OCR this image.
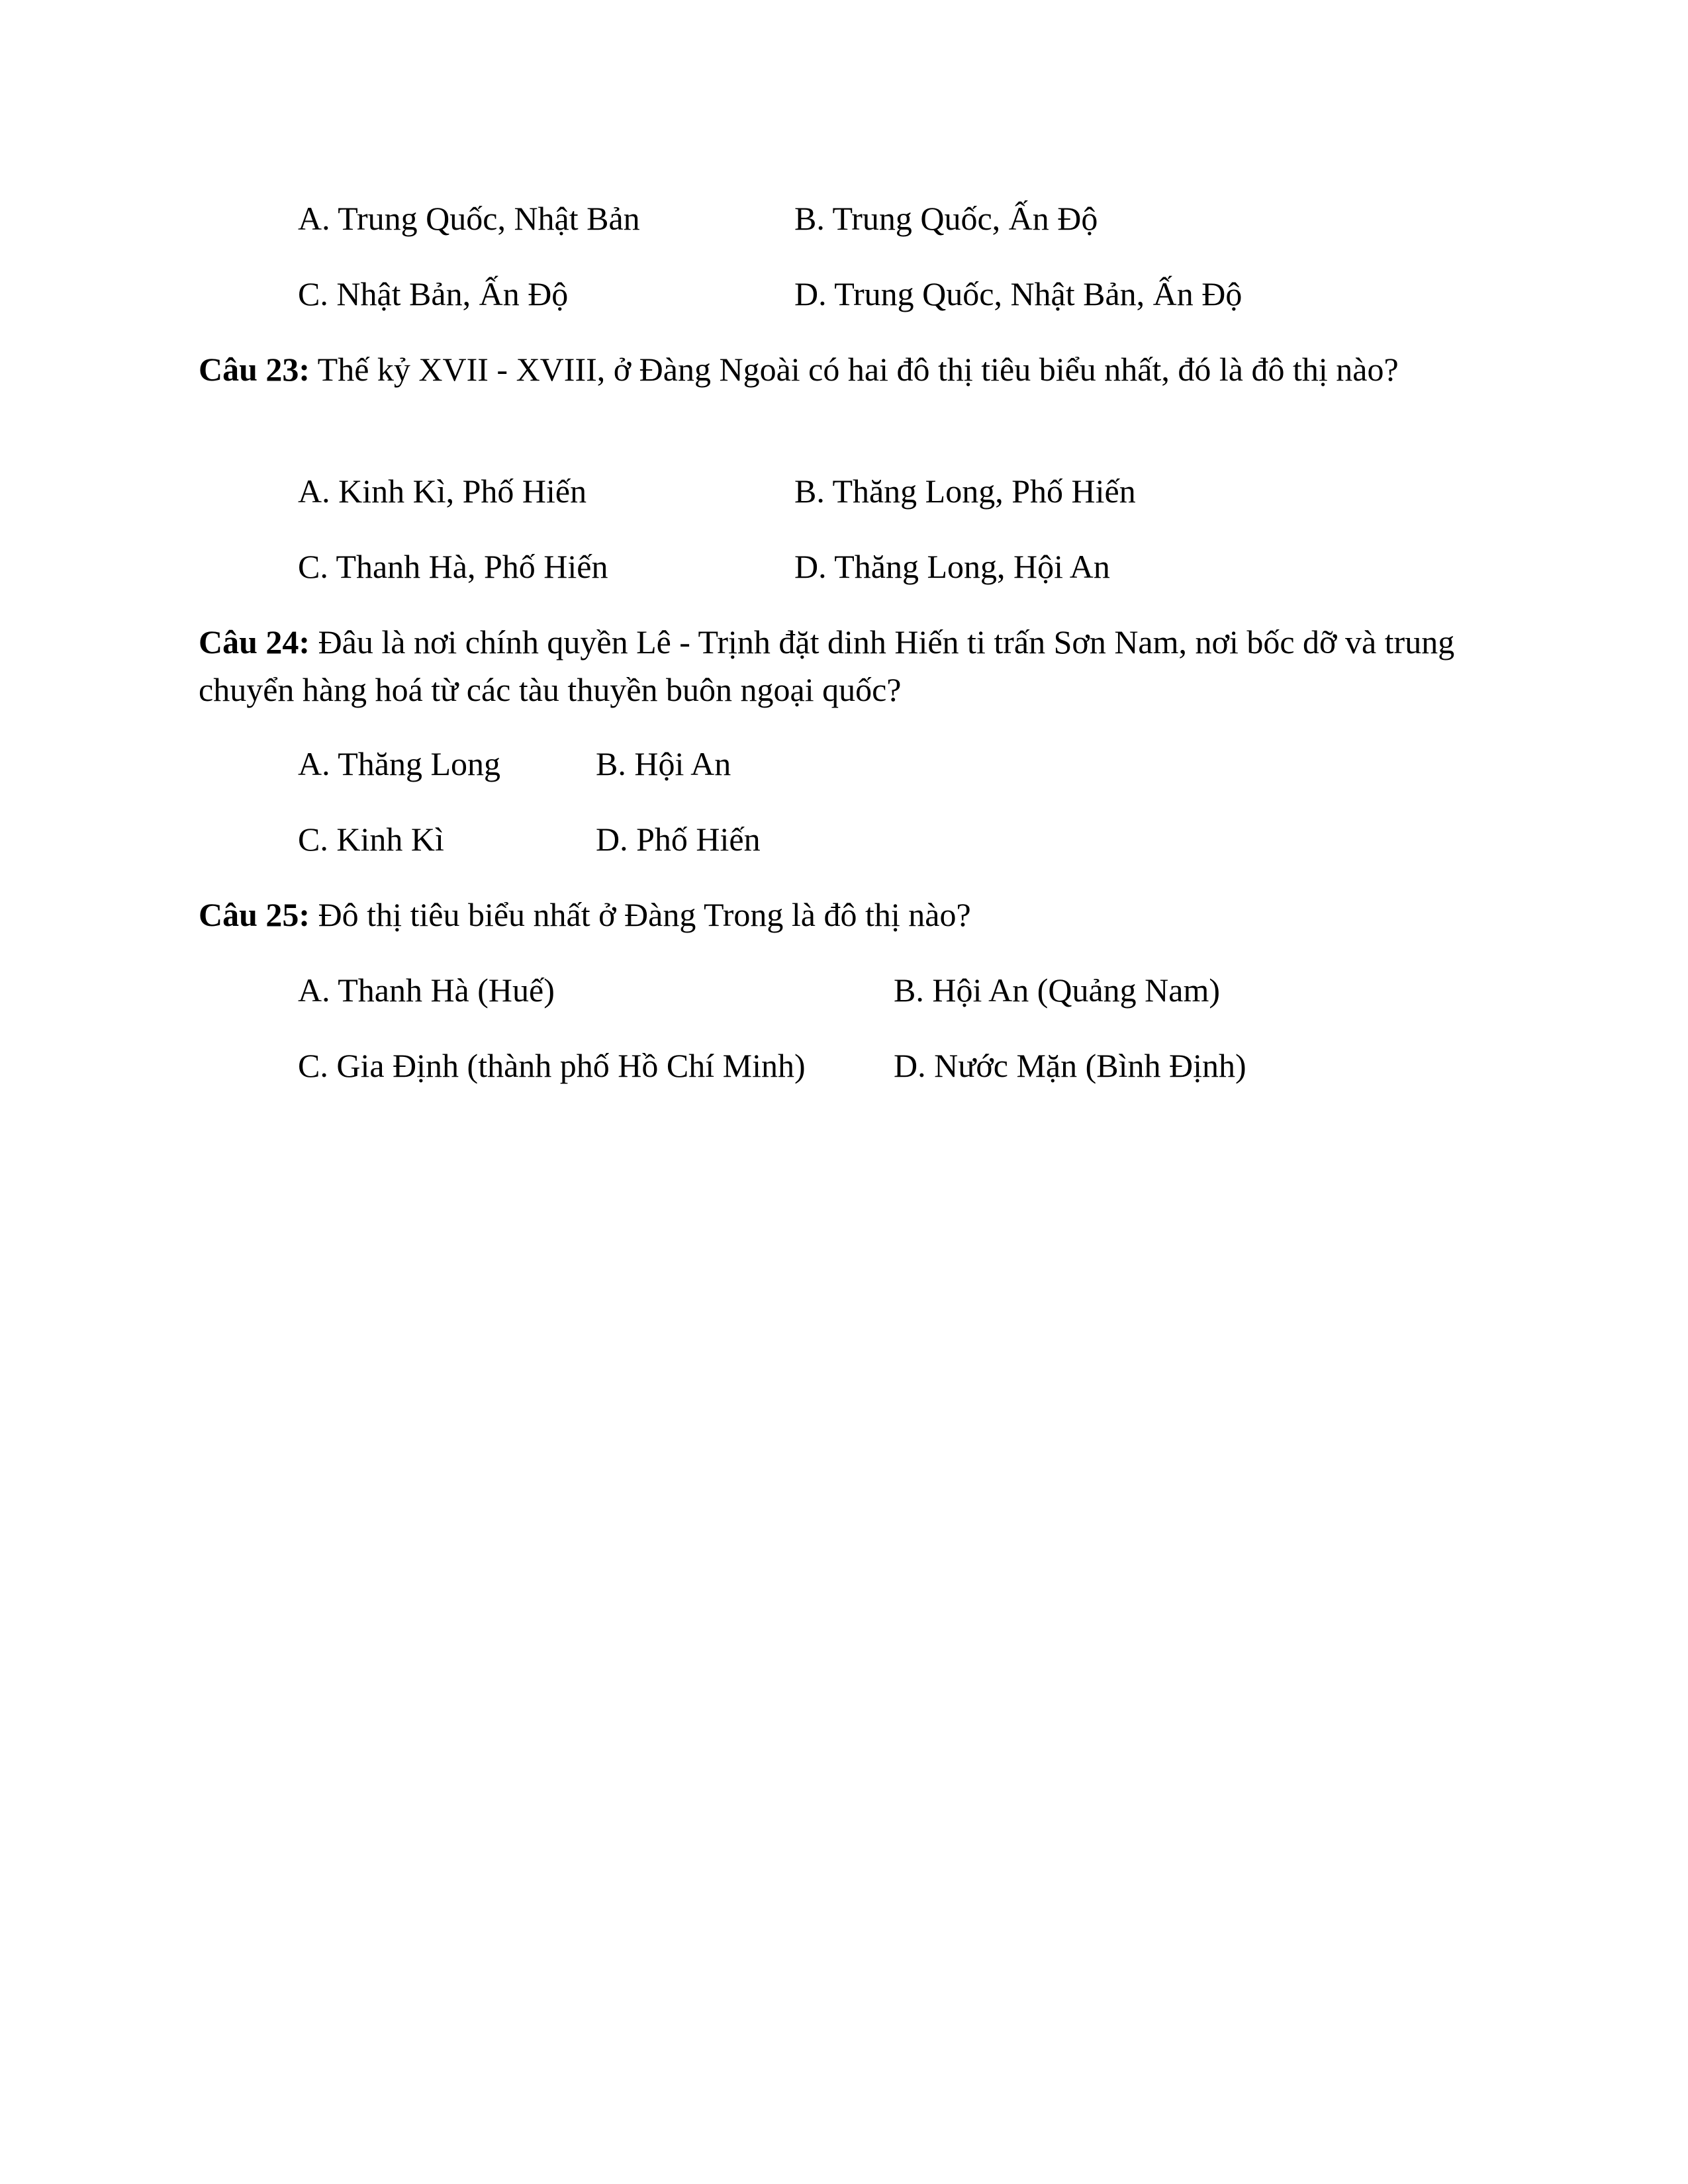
A. Trung Quốc, Nhật Bản	B. Trung Quốc, Ấn Độ
C. Nhật Bản, Ấn Độ	D. Trung Quốc, Nhật Bản, Ấn Độ
Câu 23: Thế kỷ XVII - XVIII, ở Đàng Ngoài có hai đô thị tiêu biểu nhất, đó là đô thị nào?
A. Kinh Kì, Phố Hiến	B. Thăng Long, Phố Hiến
C. Thanh Hà, Phố Hiến	D. Thăng Long, Hội An
Câu 24: Đâu là nơi chính quyền Lê - Trịnh đặt dinh Hiến ti trấn Sơn Nam, nơi bốc dỡ và trung chuyển hàng hoá từ các tàu thuyền buôn ngoại quốc?
A. Thăng Long	B. Hội An
C. Kinh Kì	D. Phố Hiến
Câu 25: Đô thị tiêu biểu nhất ở Đàng Trong là đô thị nào?
A. Thanh Hà (Huế)	B. Hội An (Quảng Nam)
C. Gia Định (thành phố Hồ Chí Minh)	D. Nước Mặn (Bình Định)
